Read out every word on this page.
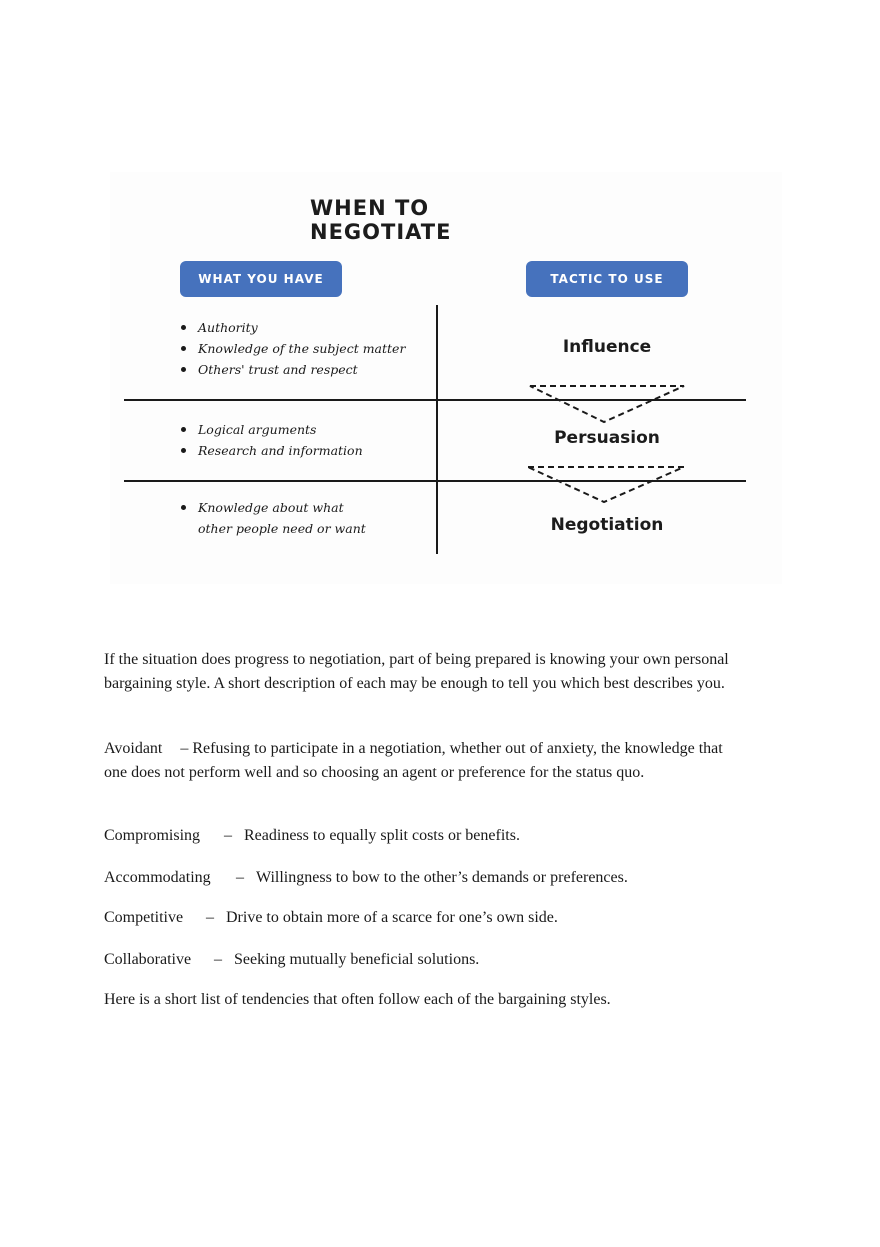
WHEN TO NEGOTIATE
WHAT YOU HAVE	TACTIC TO USE
Authority
Knowledge of the subject matter
Others' trust and respect
Logical arguments
Research and information
Knowledge about what
other people need or want
Influence
Persuasion
Negotiation
If the situation does progress to negotiation, part of being prepared is knowing your own personal bargaining style. A short description of each may be enough to tell you which best describes you.
Avoidant – Refusing to participate in a negotiation, whether out of anxiety, the knowledge that one does not perform well and so choosing an agent or preference for the status quo.
Compromising – Readiness to equally split costs or benefits.
Accommodating – Willingness to bow to the other’s demands or preferences.
Competitive – Drive to obtain more of a scarce for one’s own side.
Collaborative – Seeking mutually beneficial solutions.
Here is a short list of tendencies that often follow each of the bargaining styles.
